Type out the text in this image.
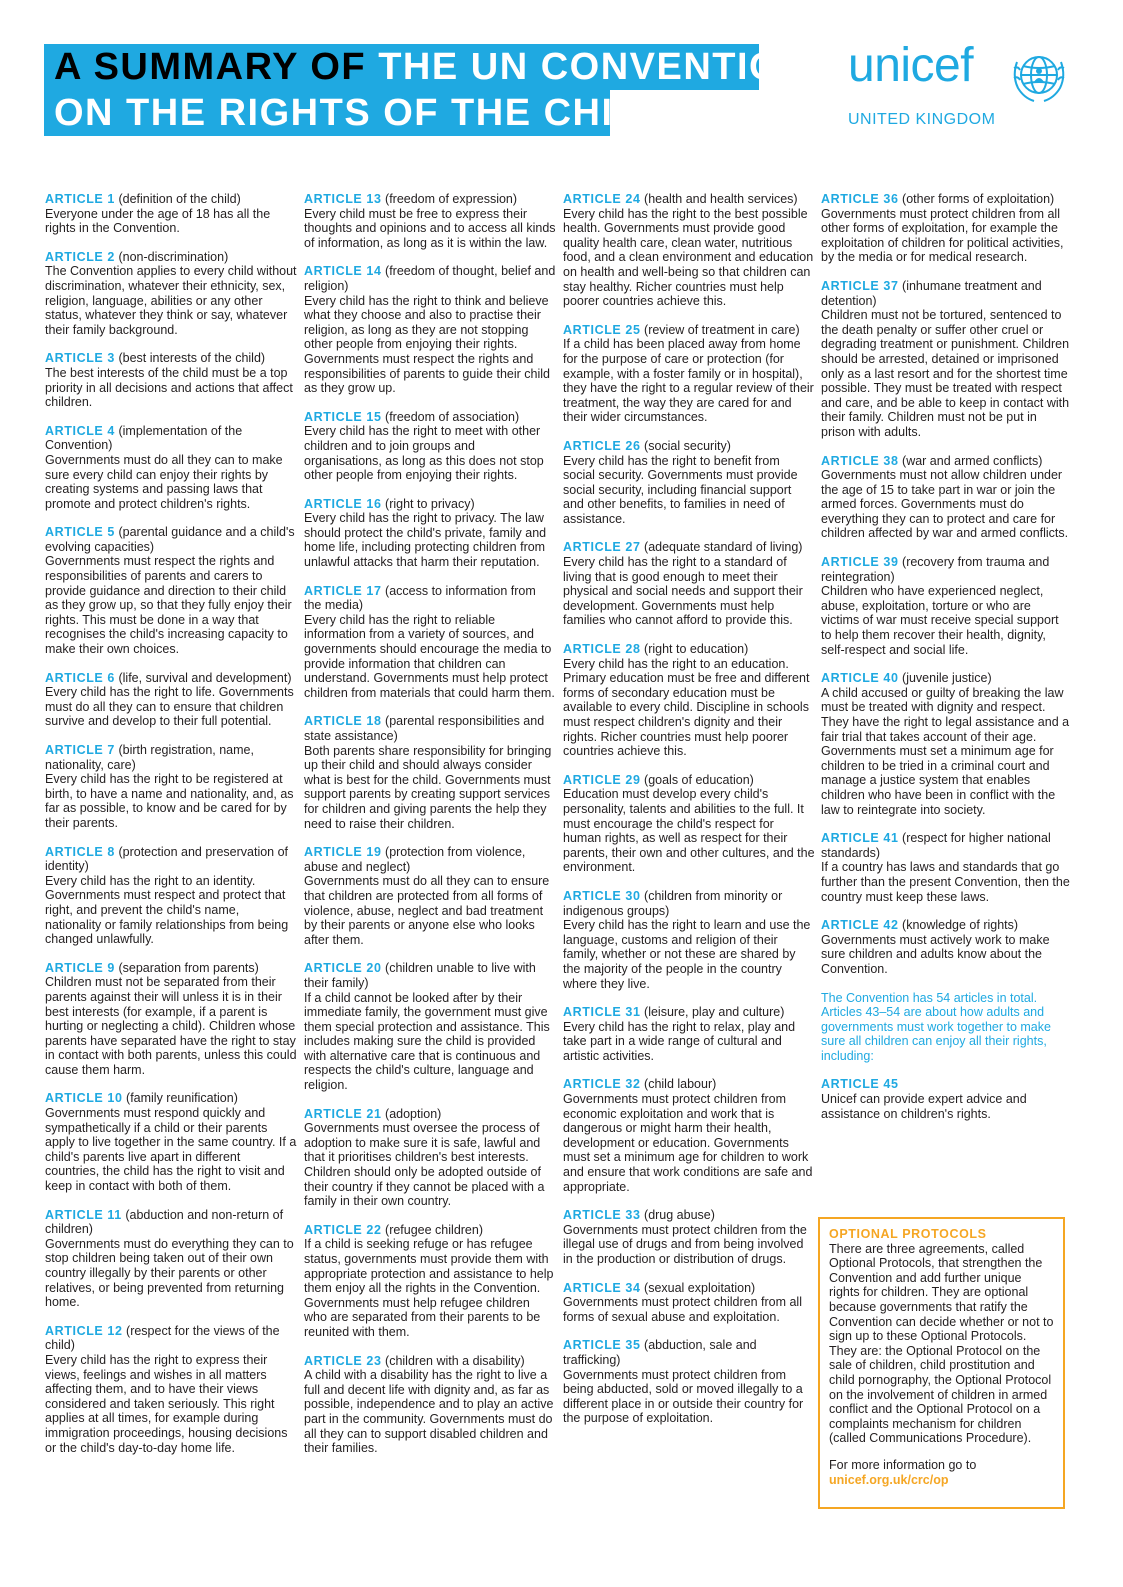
A SUMMARY OF THE UN CONVENTION
ON THE RIGHTS OF THE CHILD
unicef
UNITED KINGDOM
ARTICLE 1 (definition of the child)
Everyone under the age of 18 has all the rights in the Convention.
ARTICLE 2 (non-discrimination)
The Convention applies to every child without discrimination, whatever their ethnicity, sex, religion, language, abilities or any other status, whatever they think or say, whatever their family background.
ARTICLE 3 (best interests of the child)
The best interests of the child must be a top priority in all decisions and actions that affect children.
ARTICLE 4 (implementation of the Convention)
Governments must do all they can to make sure every child can enjoy their rights by creating systems and passing laws that promote and protect children's rights.
ARTICLE 5 (parental guidance and a child's evolving capacities)
Governments must respect the rights and responsibilities of parents and carers to provide guidance and direction to their child as they grow up, so that they fully enjoy their rights. This must be done in a way that recognises the child's increasing capacity to make their own choices.
ARTICLE 6 (life, survival and development)
Every child has the right to life. Governments must do all they can to ensure that children survive and develop to their full potential.
ARTICLE 7 (birth registration, name, nationality, care)
Every child has the right to be registered at birth, to have a name and nationality, and, as far as possible, to know and be cared for by their parents.
ARTICLE 8 (protection and preservation of identity)
Every child has the right to an identity. Governments must respect and protect that right, and prevent the child's name, nationality or family relationships from being changed unlawfully.
ARTICLE 9 (separation from parents)
Children must not be separated from their parents against their will unless it is in their best interests (for example, if a parent is hurting or neglecting a child). Children whose parents have separated have the right to stay in contact with both parents, unless this could cause them harm.
ARTICLE 10 (family reunification)
Governments must respond quickly and sympathetically if a child or their parents apply to live together in the same country. If a child's parents live apart in different countries, the child has the right to visit and keep in contact with both of them.
ARTICLE 11 (abduction and non-return of children)
Governments must do everything they can to stop children being taken out of their own country illegally by their parents or other relatives, or being prevented from returning home.
ARTICLE 12 (respect for the views of the child)
Every child has the right to express their views, feelings and wishes in all matters affecting them, and to have their views considered and taken seriously. This right applies at all times, for example during immigration proceedings, housing decisions or the child's day-to-day home life.
ARTICLE 13 (freedom of expression)
Every child must be free to express their thoughts and opinions and to access all kinds of information, as long as it is within the law.
ARTICLE 14 (freedom of thought, belief and religion)
Every child has the right to think and believe what they choose and also to practise their religion, as long as they are not stopping other people from enjoying their rights. Governments must respect the rights and responsibilities of parents to guide their child as they grow up.
ARTICLE 15 (freedom of association)
Every child has the right to meet with other children and to join groups and organisations, as long as this does not stop other people from enjoying their rights.
ARTICLE 16 (right to privacy)
Every child has the right to privacy. The law should protect the child's private, family and home life, including protecting children from unlawful attacks that harm their reputation.
ARTICLE 17 (access to information from the media)
Every child has the right to reliable information from a variety of sources, and governments should encourage the media to provide information that children can understand. Governments must help protect children from materials that could harm them.
ARTICLE 18 (parental responsibilities and state assistance)
Both parents share responsibility for bringing up their child and should always consider what is best for the child. Governments must support parents by creating support services for children and giving parents the help they need to raise their children.
ARTICLE 19 (protection from violence, abuse and neglect)
Governments must do all they can to ensure that children are protected from all forms of violence, abuse, neglect and bad treatment by their parents or anyone else who looks after them.
ARTICLE 20 (children unable to live with their family)
If a child cannot be looked after by their immediate family, the government must give them special protection and assistance. This includes making sure the child is provided with alternative care that is continuous and respects the child's culture, language and religion.
ARTICLE 21 (adoption)
Governments must oversee the process of adoption to make sure it is safe, lawful and that it prioritises children's best interests. Children should only be adopted outside of their country if they cannot be placed with a family in their own country.
ARTICLE 22 (refugee children)
If a child is seeking refuge or has refugee status, governments must provide them with appropriate protection and assistance to help them enjoy all the rights in the Convention. Governments must help refugee children who are separated from their parents to be reunited with them.
ARTICLE 23 (children with a disability)
A child with a disability has the right to live a full and decent life with dignity and, as far as possible, independence and to play an active part in the community. Governments must do all they can to support disabled children and their families.
ARTICLE 24 (health and health services)
Every child has the right to the best possible health. Governments must provide good quality health care, clean water, nutritious food, and a clean environment and education on health and well-being so that children can stay healthy. Richer countries must help poorer countries achieve this.
ARTICLE 25 (review of treatment in care)
If a child has been placed away from home for the purpose of care or protection (for example, with a foster family or in hospital), they have the right to a regular review of their treatment, the way they are cared for and their wider circumstances.
ARTICLE 26 (social security)
Every child has the right to benefit from social security. Governments must provide social security, including financial support and other benefits, to families in need of assistance.
ARTICLE 27 (adequate standard of living)
Every child has the right to a standard of living that is good enough to meet their physical and social needs and support their development. Governments must help families who cannot afford to provide this.
ARTICLE 28 (right to education)
Every child has the right to an education. Primary education must be free and different forms of secondary education must be available to every child. Discipline in schools must respect children's dignity and their rights. Richer countries must help poorer countries achieve this.
ARTICLE 29 (goals of education)
Education must develop every child's personality, talents and abilities to the full. It must encourage the child's respect for human rights, as well as respect for their parents, their own and other cultures, and the environment.
ARTICLE 30 (children from minority or indigenous groups)
Every child has the right to learn and use the language, customs and religion of their family, whether or not these are shared by the majority of the people in the country where they live.
ARTICLE 31 (leisure, play and culture)
Every child has the right to relax, play and take part in a wide range of cultural and artistic activities.
ARTICLE 32 (child labour)
Governments must protect children from economic exploitation and work that is dangerous or might harm their health, development or education. Governments must set a minimum age for children to work and ensure that work conditions are safe and appropriate.
ARTICLE 33 (drug abuse)
Governments must protect children from the illegal use of drugs and from being involved in the production or distribution of drugs.
ARTICLE 34 (sexual exploitation)
Governments must protect children from all forms of sexual abuse and exploitation.
ARTICLE 35 (abduction, sale and trafficking)
Governments must protect children from being abducted, sold or moved illegally to a different place in or outside their country for the purpose of exploitation.
ARTICLE 36 (other forms of exploitation)
Governments must protect children from all other forms of exploitation, for example the exploitation of children for political activities, by the media or for medical research.
ARTICLE 37 (inhumane treatment and detention)
Children must not be tortured, sentenced to the death penalty or suffer other cruel or degrading treatment or punishment. Children should be arrested, detained or imprisoned only as a last resort and for the shortest time possible. They must be treated with respect and care, and be able to keep in contact with their family. Children must not be put in prison with adults.
ARTICLE 38 (war and armed conflicts)
Governments must not allow children under the age of 15 to take part in war or join the armed forces. Governments must do everything they can to protect and care for children affected by war and armed conflicts.
ARTICLE 39 (recovery from trauma and reintegration)
Children who have experienced neglect, abuse, exploitation, torture or who are victims of war must receive special support to help them recover their health, dignity, self-respect and social life.
ARTICLE 40 (juvenile justice)
A child accused or guilty of breaking the law must be treated with dignity and respect. They have the right to legal assistance and a fair trial that takes account of their age. Governments must set a minimum age for children to be tried in a criminal court and manage a justice system that enables children who have been in conflict with the law to reintegrate into society.
ARTICLE 41 (respect for higher national standards)
If a country has laws and standards that go further than the present Convention, then the country must keep these laws.
ARTICLE 42 (knowledge of rights)
Governments must actively work to make sure children and adults know about the Convention.
The Convention has 54 articles in total. Articles 43–54 are about how adults and governments must work together to make sure all children can enjoy all their rights, including:
ARTICLE 45
Unicef can provide expert advice and assistance on children's rights.
OPTIONAL PROTOCOLS
There are three agreements, called Optional Protocols, that strengthen the Convention and add further unique rights for children. They are optional because governments that ratify the Convention can decide whether or not to sign up to these Optional Protocols. They are: the Optional Protocol on the sale of children, child prostitution and child pornography, the Optional Protocol on the involvement of children in armed conflict and the Optional Protocol on a complaints mechanism for children (called Communications Procedure).
For more information go to
unicef.org.uk/crc/op
